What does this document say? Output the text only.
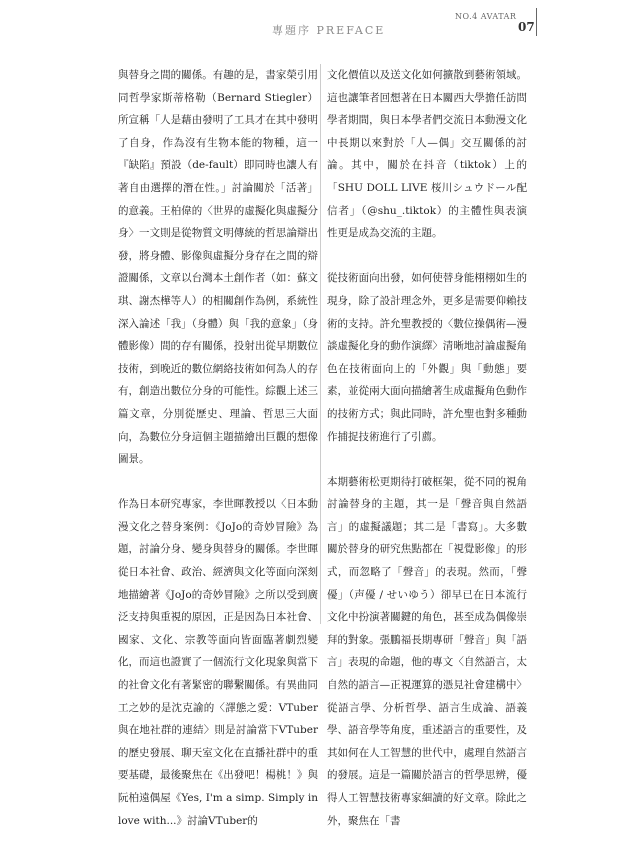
專題序 PREFACE
NO.4 AVATAR
07

與替身之間的關係。有趣的是，書家榮引用同哲學家斯蒂格勒（Bernard Stiegler）所宣稱「人是藉由發明了工具才在其中發明了自身，作為沒有生物本能的物種，這一『缺陷』預設（de-fault）即同時也讓人有著自由選擇的潛在性。」討論關於「活著」的意義。王柏偉的〈世界的虛擬化與虛擬分身〉一文則是從物質文明傳統的哲思論辯出發，將身體、影像與虛擬分身存在之間的辯證關係，文章以台灣本土創作者（如：蘇文琪、謝杰樺等人）的相關創作為例，系統性深入論述「我」（身體）與「我的意象」（身體影像）間的存有關係，投射出從早期數位技術，到晚近的數位網絡技術如何為人的存有，創造出數位分身的可能性。綜觀上述三篇文章，分別從歷史、理論、哲思三大面向，為數位分身這個主題描繪出巨觀的想像圖景。

作為日本研究專家，李世暉教授以〈日本動漫文化之替身案例：《JoJo的奇妙冒險》為題，討論分身、變身與替身的關係。李世暉從日本社會、政治、經濟與文化等面向深刻地描繪著《JoJo的奇妙冒險》之所以受到廣泛支持與重視的原因，正是因為日本社會、國家、文化、宗教等面向皆面臨著劇烈變化，而這也證實了一個流行文化現象與當下的社會文化有著緊密的聯繫關係。有異曲同工之妙的是沈克諭的〈譯態之愛：VTuber與在地社群的連結〉則是討論當下VTuber的歷史發展、聊天室文化在直播社群中的重要基礎，最後聚焦在《出發吧！楊桃！》與阮柏遠偶屋《Yes, I'm a simp. Simply in love with...》討論VTuber的

文化價值以及送文化如何擴散到藝術領域。這也讓筆者回想著在日本關西大學擔任訪問學者期間，與日本學者們交流日本動漫文化中長期以來對於「人—偶」交互關係的討論。其中，關於在抖音（tiktok）上的「SHU DOLL LIVE 桜川シュウドール配信者」（@shu_.tiktok）的主體性與表演性更是成為交流的主題。

從技術面向出發，如何使替身能栩栩如生的現身，除了設計理念外，更多是需要仰賴技術的支持。許允聖教授的〈數位操偶術—漫談虛擬化身的動作演繹〉清晰地討論虛擬角色在技術面向上的「外觀」與「動態」要素，並從兩大面向描繪著生成虛擬角色動作的技術方式；與此同時，許允聖也對多種動作捕捉技術進行了引薦。

本期藝術松更期待打破框架，從不同的視角討論替身的主題，其一是「聲音與自然語言」的虛擬議題；其二是「書寫」。大多數關於替身的研究焦點都在「視覺影像」的形式，而忽略了「聲音」的表現。然而，「聲優」（声優 / せいゆう）卻早已在日本流行文化中扮演著關鍵的角色，甚至成為偶像崇拜的對象。張鵬福長期專研「聲音」與「語言」表現的命題，他的專文〈自然語言，太自然的語言—正視運算的憑見社會建構中〉從語言學、分析哲學、語言生成論、語義學、語音學等角度，重述語言的重要性，及其如何在人工智慧的世代中，處理自然語言的發展。這是一篇關於語言的哲學思辨，優得人工智慧技術專家細讀的好文章。除此之外，聚焦在「書
